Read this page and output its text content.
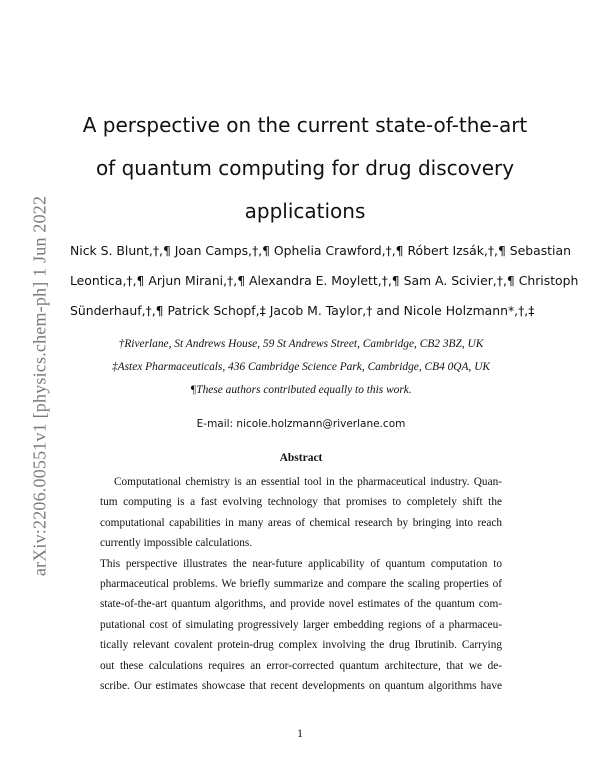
arXiv:2206.00551v1 [physics.chem-ph] 1 Jun 2022
A perspective on the current state-of-the-art
of quantum computing for drug discovery
applications
Nick S. Blunt,†,¶ Joan Camps,†,¶ Ophelia Crawford,†,¶ Róbert Izsák,†,¶ Sebastian
Leontica,†,¶ Arjun Mirani,†,¶ Alexandra E. Moylett,†,¶ Sam A. Scivier,†,¶ Christoph
Sünderhauf,†,¶ Patrick Schopf,‡ Jacob M. Taylor,† and Nicole Holzmann*,†,‡
†Riverlane, St Andrews House, 59 St Andrews Street, Cambridge, CB2 3BZ, UK
‡Astex Pharmaceuticals, 436 Cambridge Science Park, Cambridge, CB4 0QA, UK
¶These authors contributed equally to this work.
E-mail: nicole.holzmann@riverlane.com
Abstract
Computational chemistry is an essential tool in the pharmaceutical industry. Quan-
tum computing is a fast evolving technology that promises to completely shift the
computational capabilities in many areas of chemical research by bringing into reach
currently impossible calculations.
This perspective illustrates the near-future applicability of quantum computation to
pharmaceutical problems. We briefly summarize and compare the scaling properties of
state-of-the-art quantum algorithms, and provide novel estimates of the quantum com-
putational cost of simulating progressively larger embedding regions of a pharmaceu-
tically relevant covalent protein-drug complex involving the drug Ibrutinib. Carrying
out these calculations requires an error-corrected quantum architecture, that we de-
scribe. Our estimates showcase that recent developments on quantum algorithms have
1
